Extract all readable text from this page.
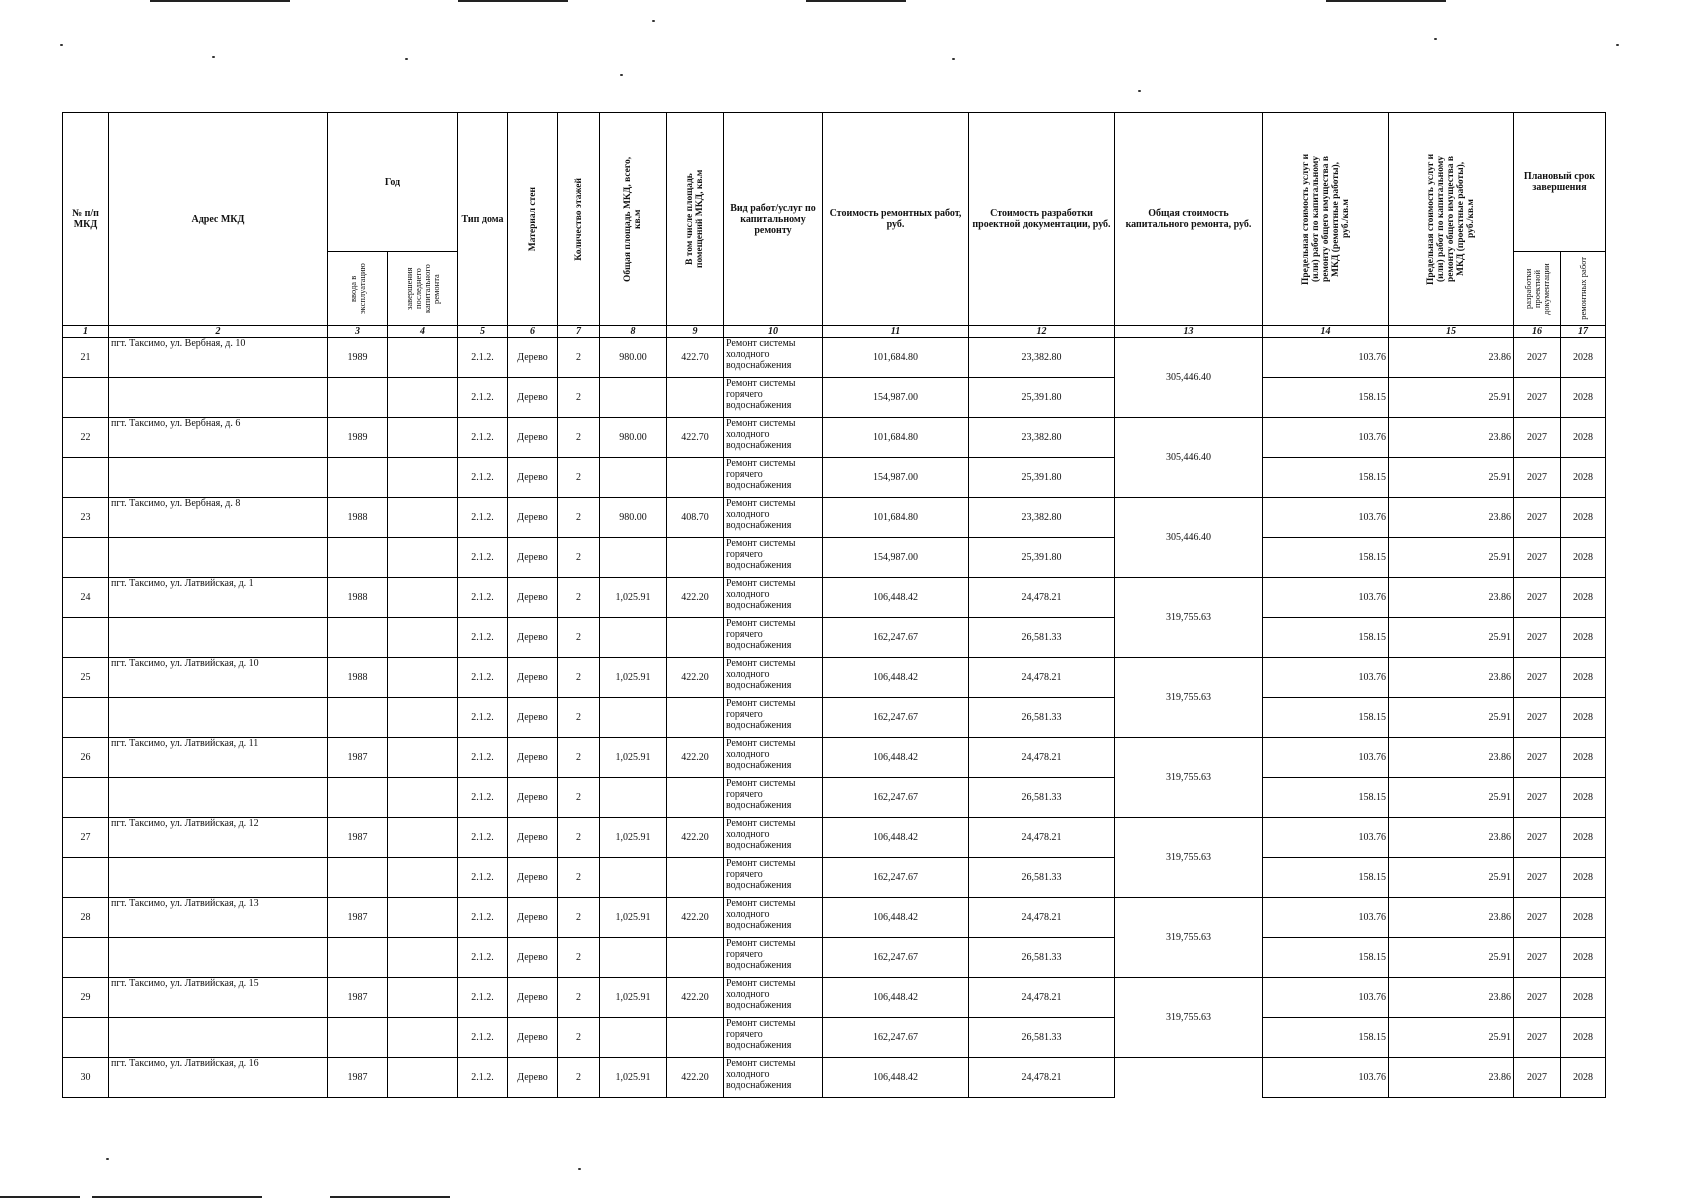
№ п/п МКД	Адрес МКД	Год		Тип дома	Материал стен	Количество этажей	Общая площадь МКД, всего, кв.м	В том числе площадь помещений МКД, кв.м	Вид работ/услуг по капитальному ремонту	Стоимость ремонтных работ, руб.	Стоимость разработки проектной документации, руб.	Общая стоимость капитального ремонта, руб.	Предельная стоимость услуг и (или) работ по капитальному ремонту общего имущества в МКД (ремонтные работы), руб./кв.м	Предельная стоимость услуг и (или) работ по капитальному ремонту общего имущества в МКД (проектные работы), руб./кв.м	Плановый срок завершения	

		ввода в эксплуатацию	завершения последнего капитального ремонта												разработки проектной документации	ремонтных работ

1	2	3	4	5	6	7	8	9	10	11	12	13	14	15	16	17
21	пгт. Таксимо, ул. Вербная, д. 10	1989		2.1.2.	Дерево	2	980.00	422.70	Ремонт системы холодного водоснабжения	101,684.80	23,382.80	305,446.40	103.76	23.86	2027	2028
				2.1.2.	Дерево	2			Ремонт системы горячего водоснабжения	154,987.00	25,391.80		158.15	25.91	2027	2028
22	пгт. Таксимо, ул. Вербная, д. 6	1989		2.1.2.	Дерево	2	980.00	422.70	Ремонт системы холодного водоснабжения	101,684.80	23,382.80	305,446.40	103.76	23.86	2027	2028
				2.1.2.	Дерево	2			Ремонт системы горячего водоснабжения	154,987.00	25,391.80		158.15	25.91	2027	2028
23	пгт. Таксимо, ул. Вербная, д. 8	1988		2.1.2.	Дерево	2	980.00	408.70	Ремонт системы холодного водоснабжения	101,684.80	23,382.80	305,446.40	103.76	23.86	2027	2028
				2.1.2.	Дерево	2			Ремонт системы горячего водоснабжения	154,987.00	25,391.80		158.15	25.91	2027	2028
24	пгт. Таксимо, ул. Латвийская, д. 1	1988		2.1.2.	Дерево	2	1,025.91	422.20	Ремонт системы холодного водоснабжения	106,448.42	24,478.21	319,755.63	103.76	23.86	2027	2028
				2.1.2.	Дерево	2			Ремонт системы горячего водоснабжения	162,247.67	26,581.33		158.15	25.91	2027	2028
25	пгт. Таксимо, ул. Латвийская, д. 10	1988		2.1.2.	Дерево	2	1,025.91	422.20	Ремонт системы холодного водоснабжения	106,448.42	24,478.21	319,755.63	103.76	23.86	2027	2028
				2.1.2.	Дерево	2			Ремонт системы горячего водоснабжения	162,247.67	26,581.33		158.15	25.91	2027	2028
26	пгт. Таксимо, ул. Латвийская, д. 11	1987		2.1.2.	Дерево	2	1,025.91	422.20	Ремонт системы холодного водоснабжения	106,448.42	24,478.21	319,755.63	103.76	23.86	2027	2028
				2.1.2.	Дерево	2			Ремонт системы горячего водоснабжения	162,247.67	26,581.33		158.15	25.91	2027	2028
27	пгт. Таксимо, ул. Латвийская, д. 12	1987		2.1.2.	Дерево	2	1,025.91	422.20	Ремонт системы холодного водоснабжения	106,448.42	24,478.21	319,755.63	103.76	23.86	2027	2028
				2.1.2.	Дерево	2			Ремонт системы горячего водоснабжения	162,247.67	26,581.33		158.15	25.91	2027	2028
28	пгт. Таксимо, ул. Латвийская, д. 13	1987		2.1.2.	Дерево	2	1,025.91	422.20	Ремонт системы холодного водоснабжения	106,448.42	24,478.21	319,755.63	103.76	23.86	2027	2028
				2.1.2.	Дерево	2			Ремонт системы горячего водоснабжения	162,247.67	26,581.33		158.15	25.91	2027	2028
29	пгт. Таксимо, ул. Латвийская, д. 15	1987		2.1.2.	Дерево	2	1,025.91	422.20	Ремонт системы холодного водоснабжения	106,448.42	24,478.21	319,755.63	103.76	23.86	2027	2028
				2.1.2.	Дерево	2			Ремонт системы горячего водоснабжения	162,247.67	26,581.33		158.15	25.91	2027	2028
30	пгт. Таксимо, ул. Латвийская, д. 16	1987		2.1.2.	Дерево	2	1,025.91	422.20	Ремонт системы холодного водоснабжения	106,448.42	24,478.21		103.76	23.86	2027	2028
